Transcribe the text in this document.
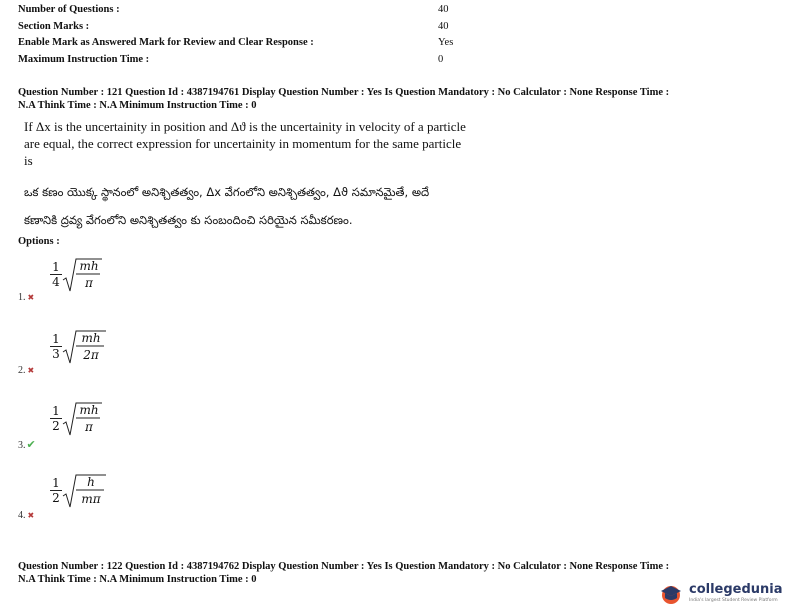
Number of Questions :	40
Section Marks :	40
Enable Mark as Answered Mark for Review and Clear Response :	Yes
Maximum Instruction Time :	0
Question Number : 121 Question Id : 4387194761 Display Question Number : Yes Is Question Mandatory : No Calculator : None Response Time :
N.A Think Time : N.A Minimum Instruction Time : 0
If Δx is the uncertainity in position and Δϑ is the uncertainity in velocity of a particle
are equal, the correct expression for uncertainity in momentum for the same particle
is
ఒక కణం యొక్క స్థానంలో అనిశ్చితత్వం, Δx వేగంలోని అనిశ్చితత్వం, Δϑ సమానమైతే, అదే
కణానికి ద్రవ్య వేగంలోని అనిశ్చితత్వం కు సంబందించి సరియైన సమీకరణం.
Options :
1. ✖
$\frac{1}{4}$ mh
π
2. ✖
$\frac{1}{3}$	mh
2π
3.✔
$\frac{1}{2}$ mh
π
4. ✖
$\frac{1}{2}$	h
mπ
Question Number : 122 Question Id : 4387194762 Display Question Number : Yes Is Question Mandatory : No Calculator : None Response Time :
N.A Think Time : N.A Minimum Instruction Time : 0
collegedunia
India's largest Student Review Platform
